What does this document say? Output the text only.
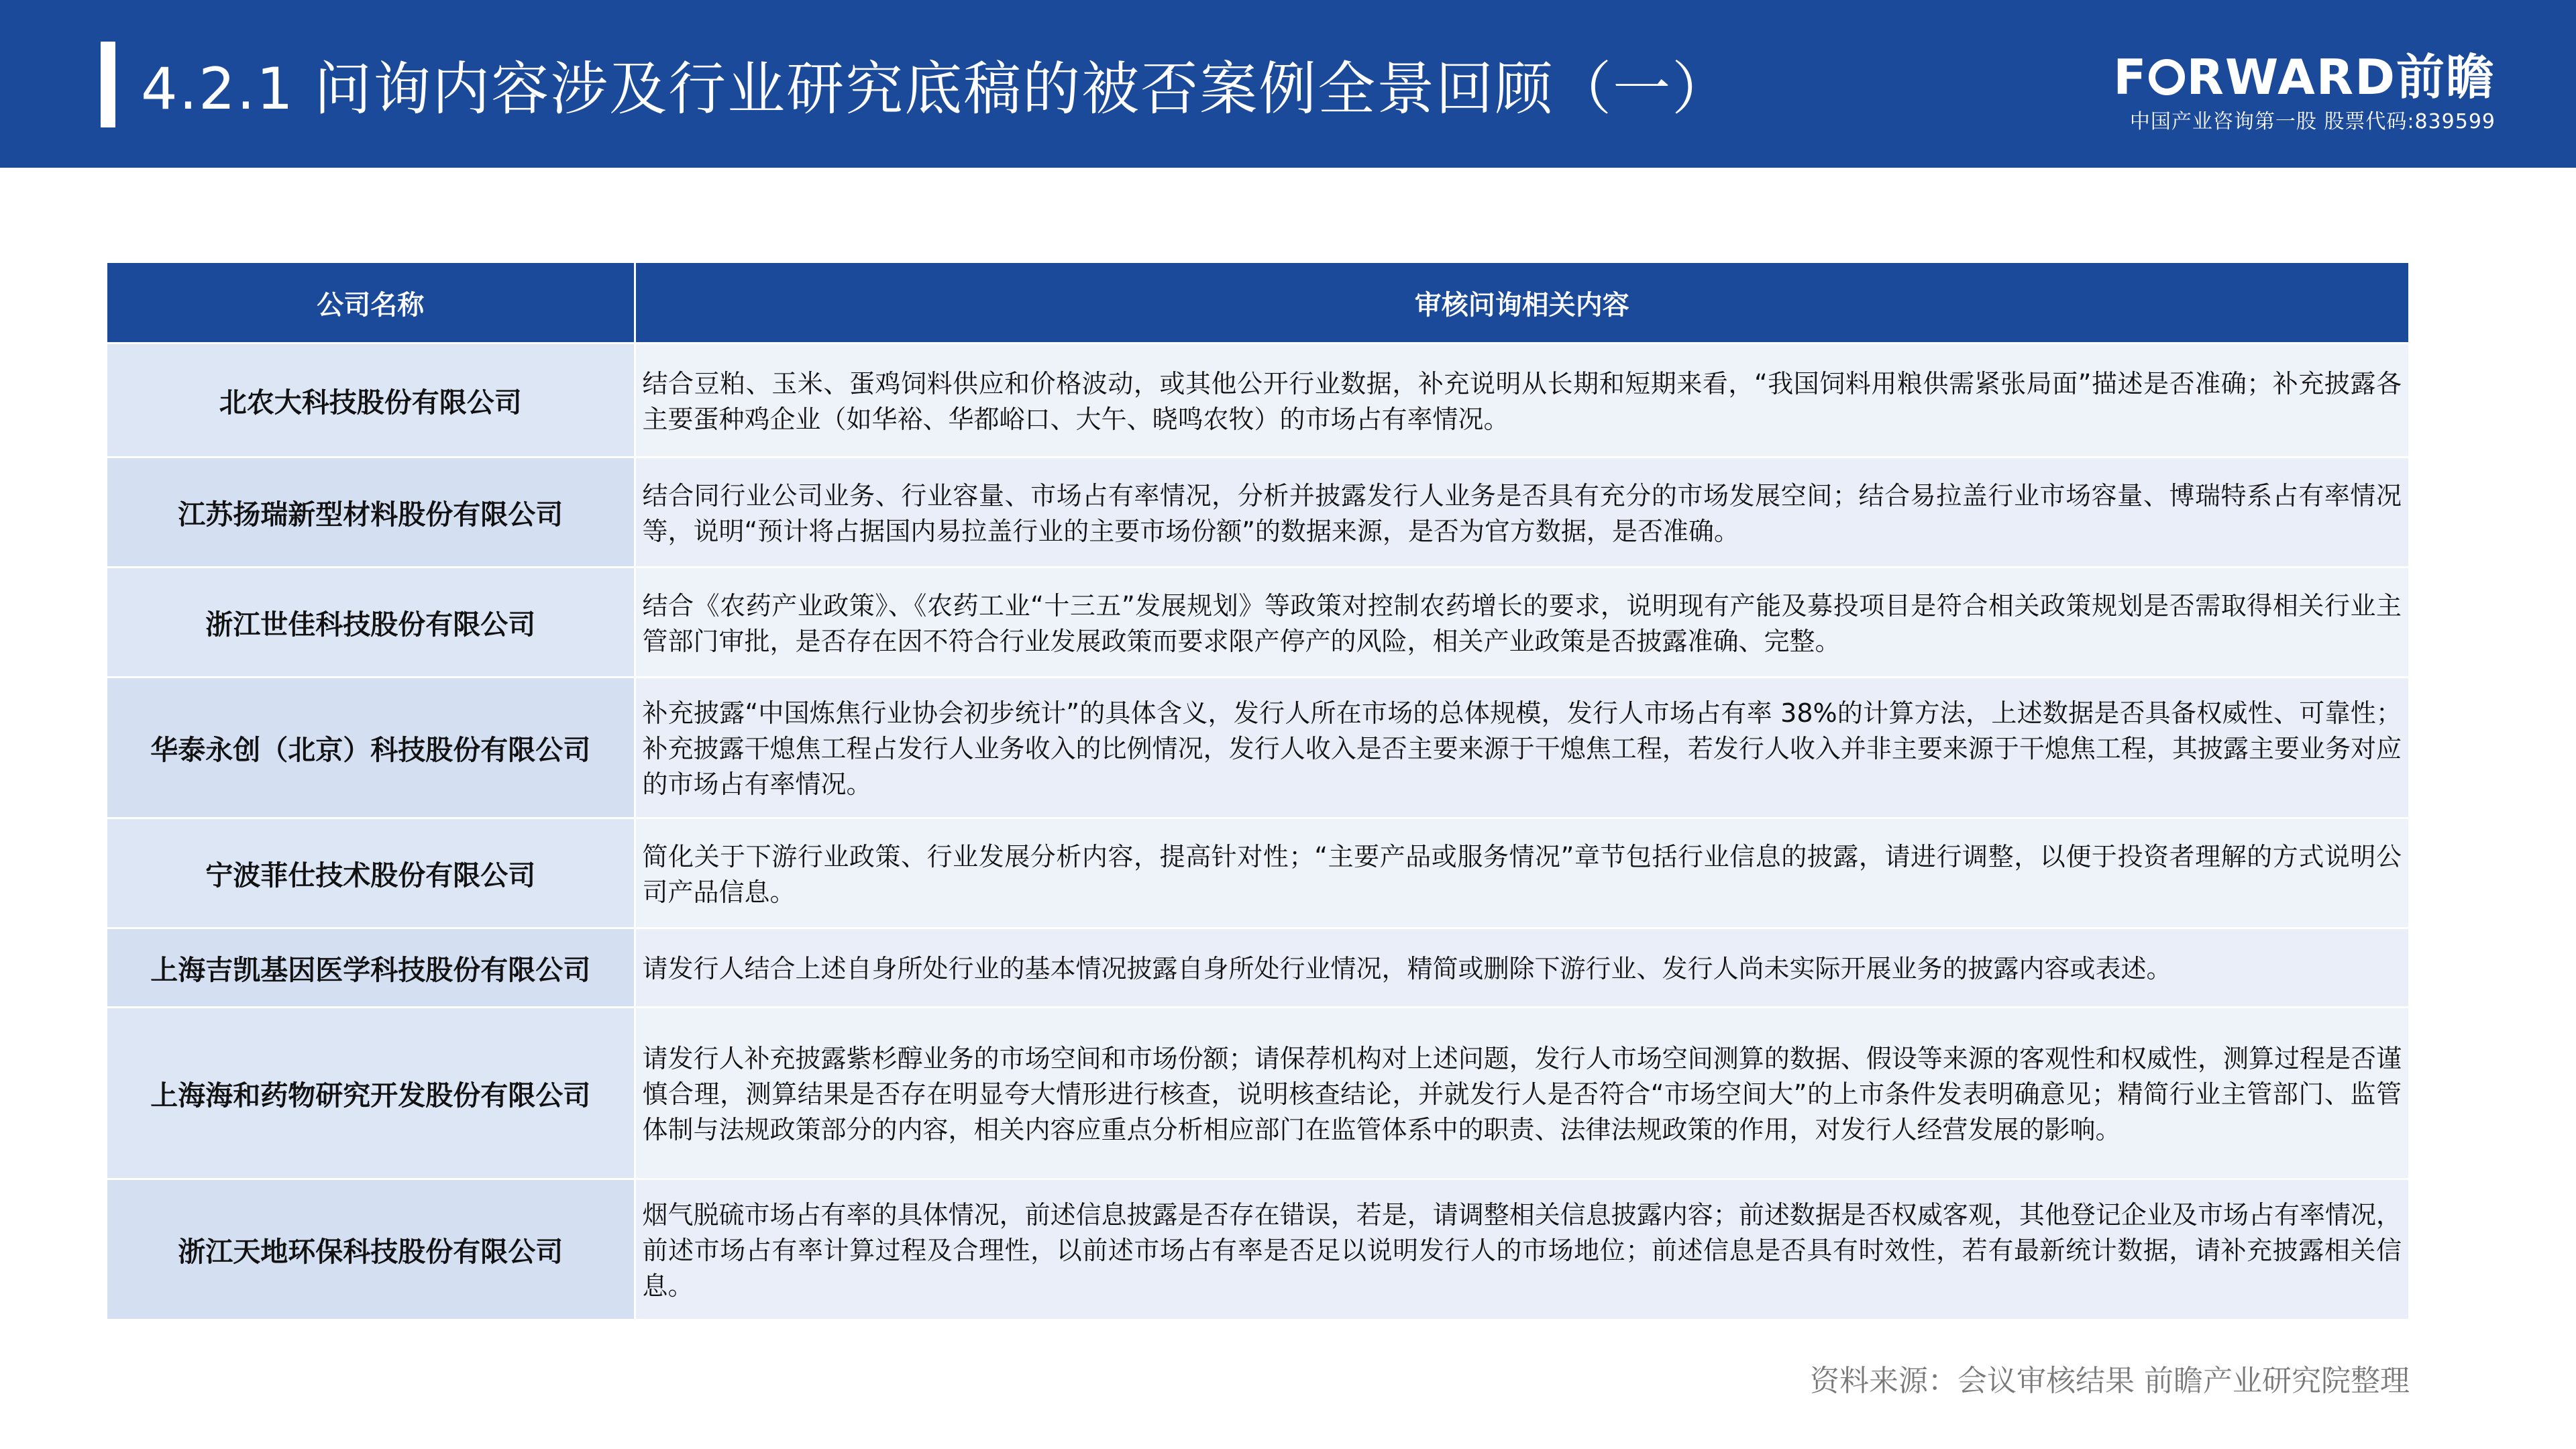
4.2.1 问询内容涉及行业研究底稿的被否案例全景回顾（一）	F RWARD前瞻
中国产业咨询第一股 股票代码:839599
公司名称	审核问询相关内容
北农大科技股份有限公司	结合豆粕、玉米、蛋鸡饲料供应和价格波动，或其他公开行业数据，补充说明从长期和短期来看，“我国饲料用粮供需紧张局面”描述是否准确；补充披露各主要蛋种鸡企业（如华裕、华都峪口、大午、晓鸣农牧）的市场占有率情况。
江苏扬瑞新型材料股份有限公司	结合同行业公司业务、行业容量、市场占有率情况，分析并披露发行人业务是否具有充分的市场发展空间；结合易拉盖行业市场容量、博瑞特系占有率情况等，说明“预计将占据国内易拉盖行业的主要市场份额”的数据来源，是否为官方数据，是否准确。
浙江世佳科技股份有限公司	结合《农药产业政策》、《农药工业“十三五”发展规划》等政策对控制农药增长的要求，说明现有产能及募投项目是符合相关政策规划是否需取得相关行业主管部门审批，是否存在因不符合行业发展政策而要求限产停产的风险，相关产业政策是否披露准确、完整。
华泰永创（北京）科技股份有限公司	补充披露“中国炼焦行业协会初步统计”的具体含义，发行人所在市场的总体规模，发行人市场占有率 38%的计算方法，上述数据是否具备权威性、可靠性；补充披露干熄焦工程占发行人业务收入的比例情况，发行人收入是否主要来源于干熄焦工程，若发行人收入并非主要来源于干熄焦工程，其披露主要业务对应的市场占有率情况。
宁波菲仕技术股份有限公司	简化关于下游行业政策、行业发展分析内容，提高针对性；“主要产品或服务情况”章节包括行业信息的披露，请进行调整，以便于投资者理解的方式说明公司产品信息。
上海吉凯基因医学科技股份有限公司	请发行人结合上述自身所处行业的基本情况披露自身所处行业情况，精简或删除下游行业、发行人尚未实际开展业务的披露内容或表述。
上海海和药物研究开发股份有限公司	请发行人补充披露紫杉醇业务的市场空间和市场份额；请保荐机构对上述问题，发行人市场空间测算的数据、假设等来源的客观性和权威性，测算过程是否谨慎合理，测算结果是否存在明显夸大情形进行核查，说明核查结论，并就发行人是否符合“市场空间大”的上市条件发表明确意见；精简行业主管部门、监管体制与法规政策部分的内容，相关内容应重点分析相应部门在监管体系中的职责、法律法规政策的作用，对发行人经营发展的影响。
浙江天地环保科技股份有限公司	烟气脱硫市场占有率的具体情况，前述信息披露是否存在错误，若是，请调整相关信息披露内容；前述数据是否权威客观，其他登记企业及市场占有率情况，前述市场占有率计算过程及合理性，以前述市场占有率是否足以说明发行人的市场地位；前述信息是否具有时效性，若有最新统计数据，请补充披露相关信息。
资料来源：会议审核结果 前瞻产业研究院整理
